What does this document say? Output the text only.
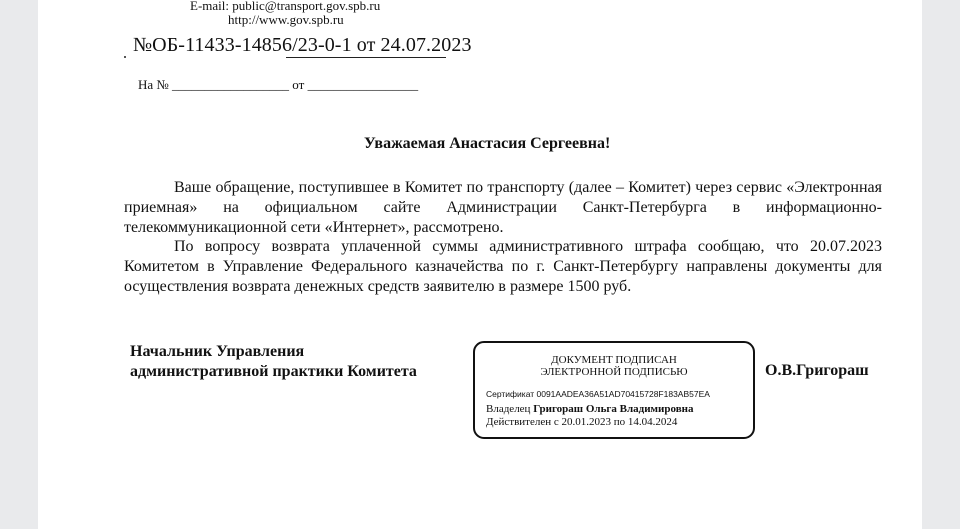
E-mail: public@transport.gov.spb.ru
http://www.gov.spb.ru
№ОБ-11433-14856/23-0-1 от 24.07.2023
На № __________________ от _________________
Уважаемая Анастасия Сергеевна!

Ваше обращение, поступившее в Комитет по транспорту (далее – Комитет) через сервис «Электронная приемная» на официальном сайте Администрации Санкт-Петербурга в информационно-телекоммуникационной сети «Интернет», рассмотрено.

По вопросу возврата уплаченной суммы административного штрафа сообщаю, что 20.07.2023 Комитетом в Управление Федерального казначейства по г. Санкт-Петербургу направлены документы для осуществления возврата денежных средств заявителю в размере 1500 руб.

Начальник Управления
административной практики Комитета
ДОКУМЕНТ ПОДПИСАН
ЭЛЕКТРОННОЙ ПОДПИСЬЮ
Сертификат 0091AADEA36A51AD70415728F183AB57EA
Владелец Григораш Ольга Владимировна
Действителен с 20.01.2023 по 14.04.2024
О.В.Григораш
